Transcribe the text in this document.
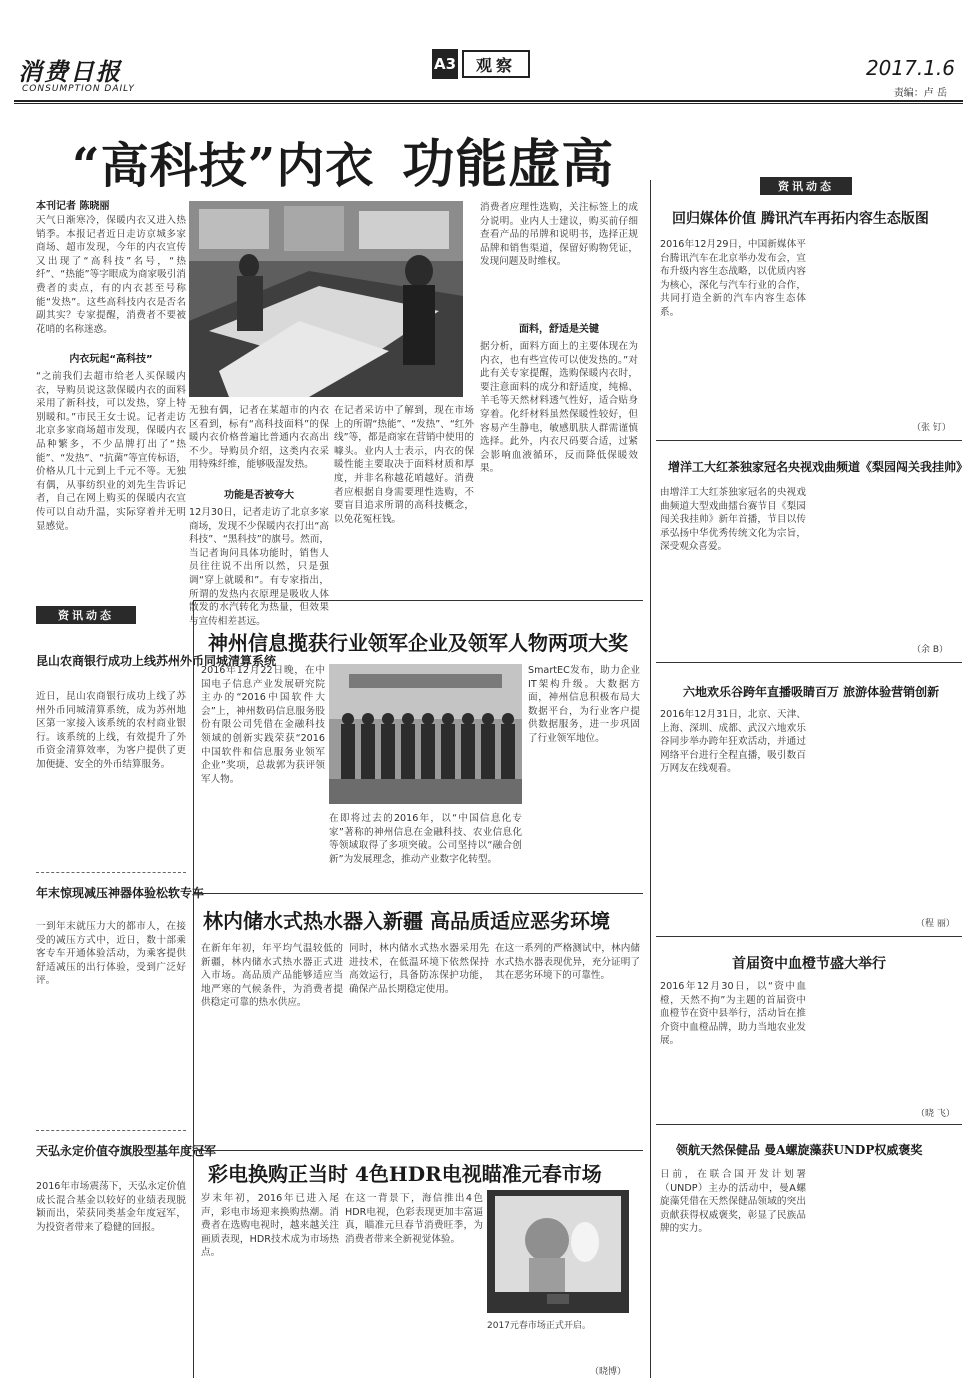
消费日报
CONSUMPTION DAILY
A3	观察	2017.1.6
责编：卢 岳
“高科技”内衣 功能虚高
本刊记者 陈晓丽
天气日渐寒冷，保暖内衣又进入热销季。本报记者近日走访京城多家商场、超市发现，今年的内衣宣传又出现了“高科技”名号，“热纤”、“热能”等字眼成为商家吸引消费者的卖点，有的内衣甚至号称能“发热”。这些高科技内衣是否名副其实？专家提醒，消费者不要被花哨的名称迷惑。
内衣玩起“高科技”
“之前我们去超市给老人买保暖内衣，导购员说这款保暖内衣的面料采用了新科技，可以发热，穿上特别暖和。”市民王女士说。记者走访北京多家商场超市发现，保暖内衣品种繁多，不少品牌打出了“热能”、“发热”、“抗菌”等宣传标语，价格从几十元到上千元不等。无独有偶，从事纺织业的刘先生告诉记者，自己在网上购买的保暖内衣宣传可以自动升温，实际穿着并无明显感觉。
无独有偶，记者在某超市的内衣区看到，标有“高科技面料”的保暖内衣价格普遍比普通内衣高出不少。导购员介绍，这类内衣采用特殊纤维，能够吸湿发热。
功能是否被夸大
12月30日，记者走访了北京多家商场，发现不少保暖内衣打出“高科技”、“黑科技”的旗号。然而，当记者询问具体功能时，销售人员往往说不出所以然，只是强调“穿上就暖和”。有专家指出，所谓的发热内衣原理是吸收人体散发的水汽转化为热量，但效果与宣传相差甚远。
在记者采访中了解到，现在市场上的所谓“热能”、“发热”、“红外线”等，都是商家在营销中使用的噱头。业内人士表示，内衣的保暖性能主要取决于面料材质和厚度，并非名称越花哨越好。消费者应根据自身需要理性选购，不要盲目追求所谓的高科技概念，以免花冤枉钱。
消费者应理性选购，关注标签上的成分说明。业内人士建议，购买前仔细查看产品的吊牌和说明书，选择正规品牌和销售渠道，保留好购物凭证，发现问题及时维权。
面料，舒适是关键
据分析，面料方面上的主要体现在为内衣，也有些宣传可以使发热的。”对此有关专家提醒，选购保暖内衣时，要注意面料的成分和舒适度，纯棉、羊毛等天然材料透气性好，适合贴身穿着。化纤材料虽然保暖性较好，但容易产生静电，敏感肌肤人群需谨慎选择。此外，内衣尺码要合适，过紧会影响血液循环，反而降低保暖效果。
资讯动态
昆山农商银行成功上线苏州外币同城清算系统
近日，昆山农商银行成功上线了苏州外币同城清算系统，成为苏州地区第一家接入该系统的农村商业银行。该系统的上线，有效提升了外币资金清算效率，为客户提供了更加便捷、安全的外币结算服务。
年末惊现减压神器体验松软专车
一到年末就压力大的都市人，在接受的减压方式中，近日，数十部乘客专车开通体验活动，为乘客提供舒适减压的出行体验，受到广泛好评。
天弘永定价值夺旗股型基年度冠军
2016年市场震荡下，天弘永定价值成长混合基金以较好的业绩表现脱颖而出，荣获同类基金年度冠军，为投资者带来了稳健的回报。
神州信息揽获行业领军企业及领军人物两项大奖
2016年12月22日晚，在中国电子信息产业发展研究院主办的“2016中国软件大会”上，神州数码信息服务股份有限公司凭借在金融科技领域的创新实践荣获“2016中国软件和信息服务业领军企业”奖项，总裁郭为获评领军人物。
在即将过去的2016年，以“中国信息化专家”著称的神州信息在金融科技、农业信息化等领域取得了多项突破。公司坚持以“融合创新”为发展理念，推动产业数字化转型。
SmartEC发布，助力企业IT架构升级。大数据方面，神州信息积极布局大数据平台，为行业客户提供数据服务，进一步巩固了行业领军地位。
林内储水式热水器入新疆 高品质适应恶劣环境
在新年年初，年平均气温较低的新疆，林内储水式热水器正式进入市场。高品质产品能够适应当地严寒的气候条件，为消费者提供稳定可靠的热水供应。
同时，林内储水式热水器采用先进技术，在低温环境下依然保持高效运行，具备防冻保护功能，确保产品长期稳定使用。
在这一系列的严格测试中，林内储水式热水器表现优异，充分证明了其在恶劣环境下的可靠性。
彩电换购正当时 4色HDR电视瞄准元春市场
岁末年初，2016年已进入尾声，彩电市场迎来换购热潮。消费者在选购电视时，越来越关注画质表现，HDR技术成为市场热点。
在这一背景下，海信推出4色HDR电视，色彩表现更加丰富逼真，瞄准元旦春节消费旺季，为消费者带来全新视觉体验。
2017元春市场正式开启。
（晓博）
资讯动态
回归媒体价值 腾讯汽车再拓内容生态版图
2016年12月29日，中国新媒体平台腾讯汽车在北京举办发布会，宣布升级内容生态战略，以优质内容为核心，深化与汽车行业的合作，共同打造全新的汽车内容生态体系。
（张 钉）
增洋工大红茶独家冠名央视戏曲频道《梨园闯关我挂帅》
由增洋工大红茶独家冠名的央视戏曲频道大型戏曲擂台赛节目《梨园闯关我挂帅》新年首播，节目以传承弘扬中华优秀传统文化为宗旨，深受观众喜爱。
（余 B）
六地欢乐谷跨年直播吸睛百万 旅游体验营销创新
2016年12月31日，北京、天津、上海、深圳、成都、武汉六地欢乐谷同步举办跨年狂欢活动，并通过网络平台进行全程直播，吸引数百万网友在线观看。
（程 丽）
首届资中血橙节盛大举行
2016年12月30日，以“资中血橙，天然不拘”为主题的首届资中血橙节在资中县举行，活动旨在推介资中血橙品牌，助力当地农业发展。
（晓 飞）
领航天然保健品 曼A螺旋藻获UNDP权威褒奖
日前，在联合国开发计划署（UNDP）主办的活动中，曼A螺旋藻凭借在天然保健品领域的突出贡献获得权威褒奖，彰显了民族品牌的实力。
